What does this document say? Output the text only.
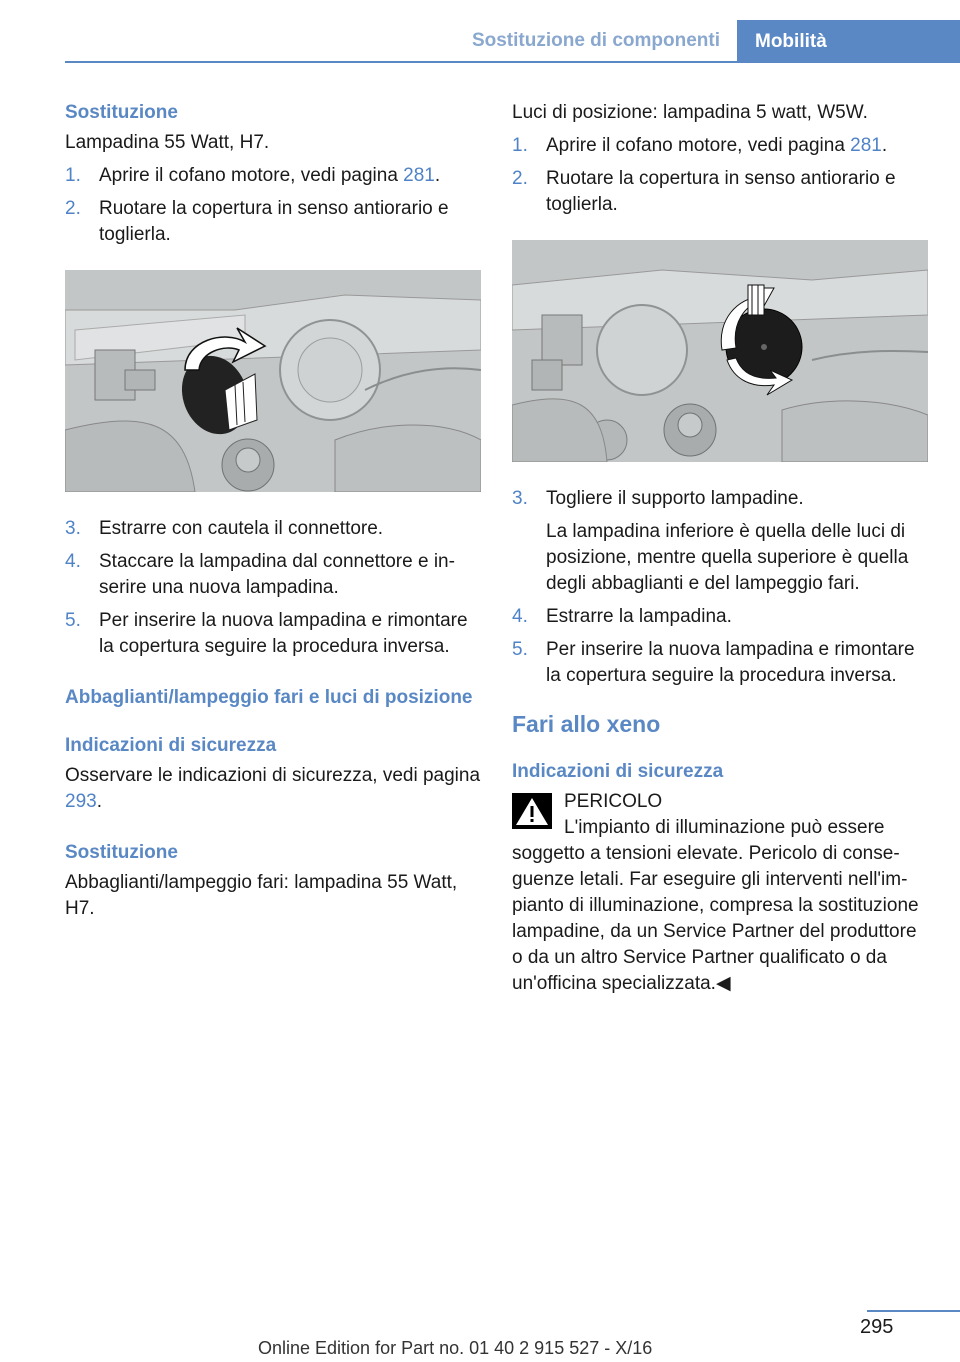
Sostituzione di componenti	Mobilità
Sostituzione

Lampadina 55 Watt, H7.

1. Aprire il cofano motore, vedi pagina 281.
2. Ruotare la copertura in senso antiorario e toglierla.
3. Estrarre con cautela il connettore.
4. Staccare la lampadina dal connettore e inserire una nuova lampadina.
5. Per inserire la nuova lampadina e rimontare la copertura seguire la procedura inversa.
Abbaglianti/lampeggio fari e luci di posizione
Indicazioni di sicurezza

Osservare le indicazioni di sicurezza, vedi pagina 293.

Sostituzione

Abbaglianti/lampeggio fari: lampadina 55 Watt, H7.

Luci di posizione: lampadina 5 watt, W5W.

1. Aprire il cofano motore, vedi pagina 281.
2. Ruotare la copertura in senso antiorario e toglierla.
3. Togliere il supporto lampadine.
La lampadina inferiore è quella delle luci di posizione, mentre quella superiore è quella degli abbaglianti e del lampeggio fari.
4. Estrarre la lampadina.
5. Per inserire la nuova lampadina e rimontare la copertura seguire la procedura inversa.
Fari allo xeno
Indicazioni di sicurezza
PERICOLO
L'impianto di illuminazione può essere
soggetto a tensioni elevate. Pericolo di conseguenze letali. Far eseguire gli interventi nell'impianto di illuminazione, compresa la sostituzione lampadine, da un Service Partner del produttore o da un altro Service Partner qualificato o da un'officina specializzata.◀
295
Online Edition for Part no. 01 40 2 915 527 - X/16
